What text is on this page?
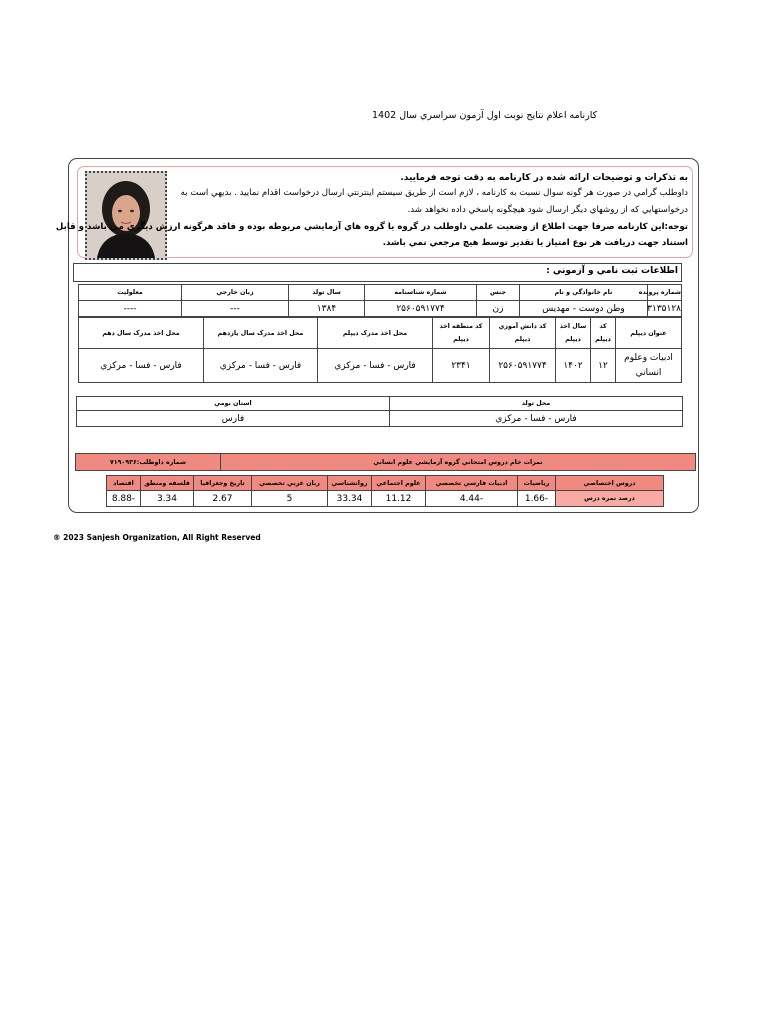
کارنامه اعلام نتايج نوبت اول آزمون سراسري سال 1402
به تذکرات و توضيحات ارائه شده در کارنامه به دقت توجه فرماييد.
داوطلب گرامي در صورت هر گونه سوال نسبت به کارنامه ، لازم است از طريق سيستم اينترنتي ارسال درخواست اقدام نماييد . بديهي است به
درخواستهايي که از روشهاي ديگر ارسال شود هيچگونه پاسخي داده نخواهد شد.
توجه:اين کارنامه صرفا جهت اطلاع از وضعيت علمي داوطلب در گروه يا گروه هاي آزمايشي مربوطه بوده و فاقد هرگونه ارزش ديگري مي باشد و قابل
استناد جهت دريافت هر نوع امتياز يا تقدير توسط هيچ مرجعي نمي باشد.
اطلاعات ثبت نامي و آزموني :
معلوليت	زبان خارجي	سال تولد	شماره شناسنامه	جنس	نام خانوادگي و نام	شماره پرونده
----	---	۱۳۸۴	۲۵۶۰۵۹۱۷۷۴	زن	وطن دوست - مهديس	۳۱۳۵۱۲۸
محل اخذ مدرک سال دهم	محل اخذ مدرک سال يازدهم	محل اخذ مدرک ديپلم	کد منطقه اخذ ديپلم	کد دانش آموزي ديپلم	سال اخذ ديپلم	کد ديپلم	عنوان ديپلم
فارس - فسا - مرکزي	فارس - فسا - مرکزي	فارس - فسا - مرکزي	۲۳۴۱	۲۵۶۰۵۹۱۷۷۴	۱۴۰۲	۱۲	ادبيات وعلوم انساني
استان بومي	محل تولد
فارس	فارس - فسا - مرکزي
شماره داوطلب:۷۱۹۰۹۳۶	نمرات خام دروس امتحاني گروه آزمايشي علوم انساني
اقتصاد	فلسفه ومنطق	تاريخ وجغرافيا	زبان عربي تخصصي	روانشناسي	علوم اجتماعي	ادبيات فارسي تخصصي	رياضيات	دروس اختصاصي
-8.88	3.34	2.67	5	33.34	11.12	-4.44	-1.66	درصد نمره درس
® 2023 Sanjesh Organization, All Right Reserved
